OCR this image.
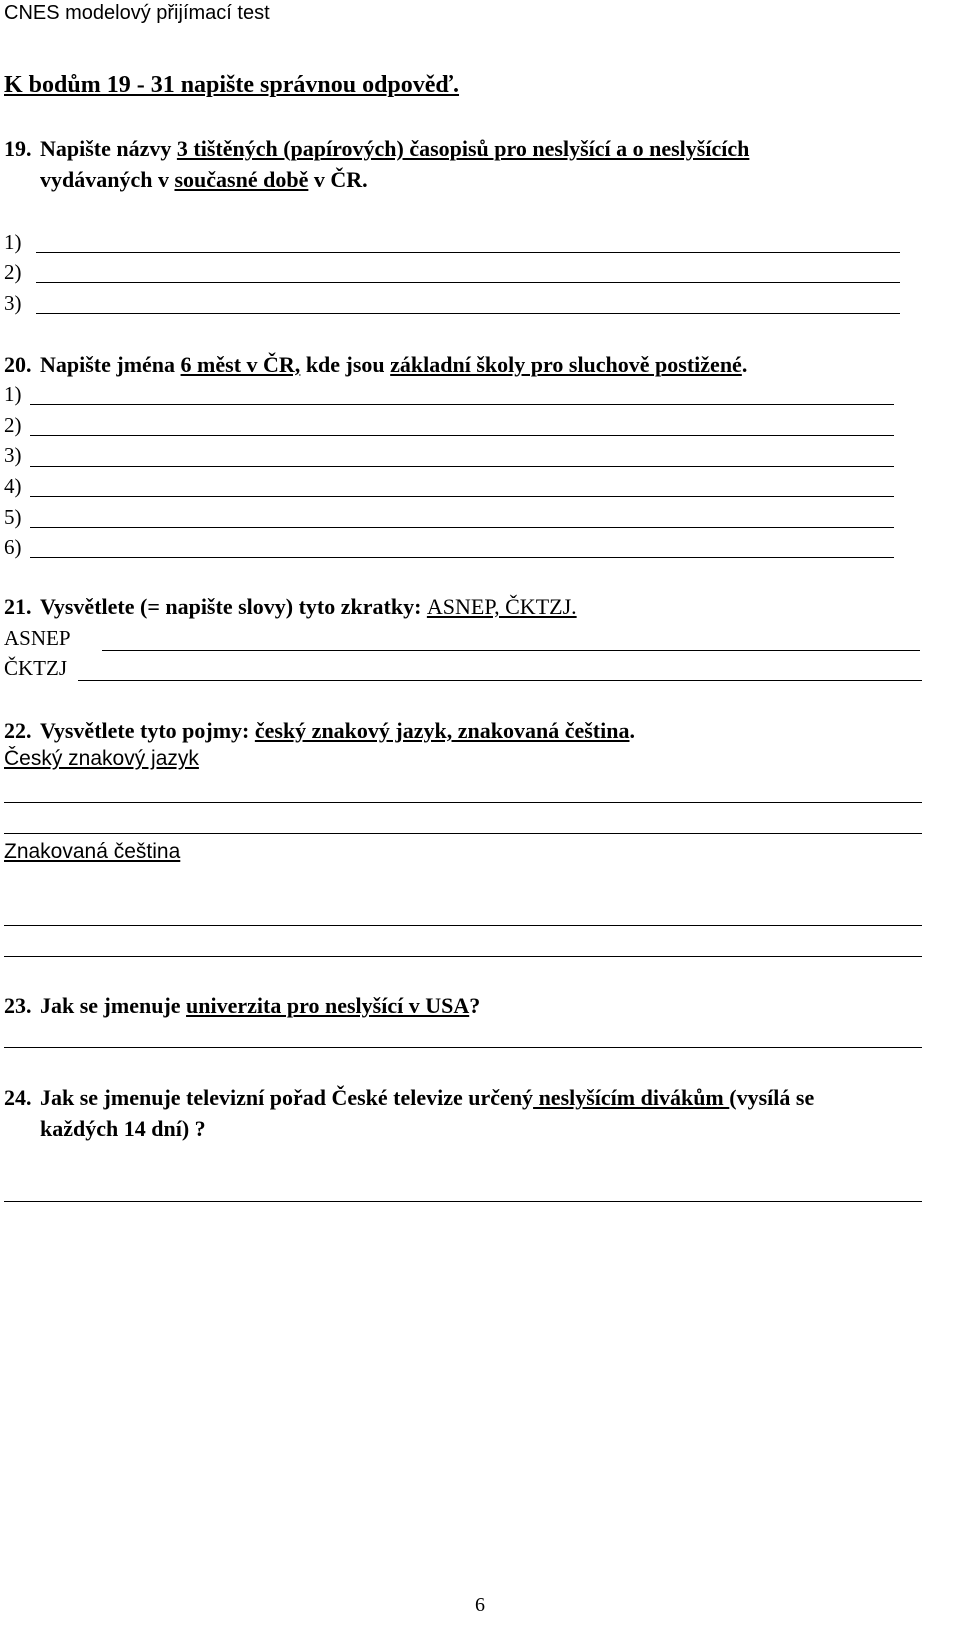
CNES modelový přijímací test
K bodům 19 - 31 napište správnou odpověď.
19. Napište názvy 3 tištěných (papírových) časopisů pro neslyšící a o neslyšících
vydávaných v současné době v ČR.
1)
2)
3)
20. Napište jména 6 měst v ČR, kde jsou základní školy pro sluchově postižené.
1)
2)
3)
4)
5)
6)
21. Vysvětlete (= napište slovy) tyto zkratky: ASNEP, ČKTZJ.
ASNEP
ČKTZJ
22. Vysvětlete tyto pojmy: český znakový jazyk, znakovaná čeština.
Český znakový jazyk
Znakovaná čeština
23. Jak se jmenuje univerzita pro neslyšící v USA?
24. Jak se jmenuje televizní pořad České televize určený neslyšícím divákům (vysílá se
každých 14 dní) ?
6
